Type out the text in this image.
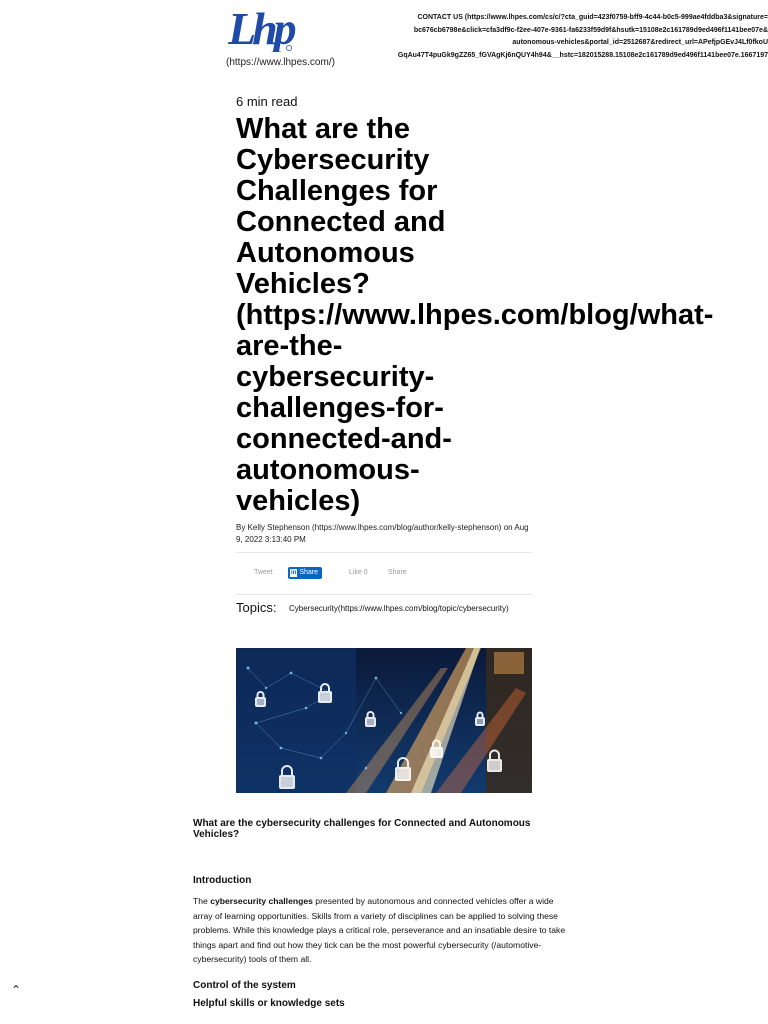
Lhp
(https://www.lhpes.com/)
CONTACT US (https://www.lhpes.com/cs/c/?cta_guid=423f0759-bff9-4c44-b0c5-999ae4fddba3&signature=
bc676cb6798e&click=cfa3df9c-f2ee-407e-9361-fa6233f59d9f&hsutk=15108e2c161789d9ed496f1141bee07e&
autonomous-vehicles&portal_id=2512687&redirect_url=APefjpGEvJ4Lf0fkoU
GqAu47T4puGk9gZZ65_fGVAgKj6nQUY4h94&__hstc=182015288.15108e2c161789d9ed496f1141bee07e.1667197
6 min read
What are the
Cybersecurity
Challenges for
Connected and
Autonomous
Vehicles?
(https://www.lhpes.com/blog/what-
are-the-
cybersecurity-
challenges-for-
connected-and-
autonomous-
vehicles)
By Kelly Stephenson (https://www.lhpes.com/blog/author/kelly-stephenson) on Aug 9, 2022 3:13:40 PM
Tweet	in Share	Like 0	Share
Topics: Cybersecurity(https://www.lhpes.com/blog/topic/cybersecurity)
What are the cybersecurity challenges for Connected and Autonomous Vehicles?
Introduction

The cybersecurity challenges presented by autonomous and connected vehicles offer a wide array of learning opportunities. Skills from a variety of disciplines can be applied to solving these problems. While this knowledge plays a critical role, perseverance and an insatiable desire to take things apart and find out how they tick can be the most powerful cybersecurity (/automotive-cybersecurity) tools of them all.

Control of the system
Helpful skills or knowledge sets
⌃
